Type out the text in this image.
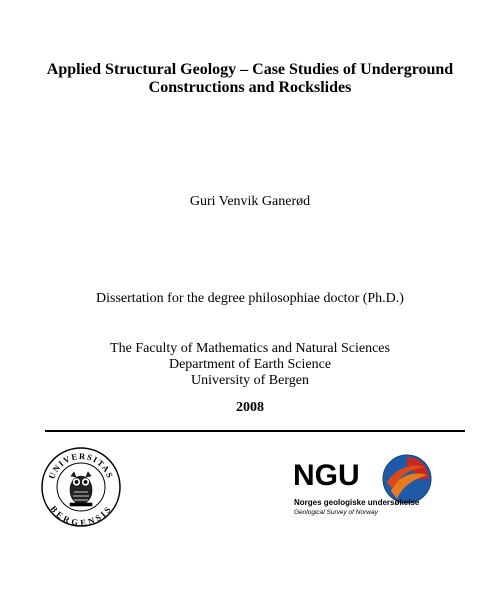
Applied Structural Geology – Case Studies of Underground
Constructions and Rockslides
Guri Venvik Ganerød
Dissertation for the degree philosophiae doctor (Ph.D.)
The Faculty of Mathematics and Natural Sciences
Department of Earth Science
University of Bergen
2008
UNIVERSITAS
BERGENSIS
NGU
Norges geologiske undersøkelse
Geological Survey of Norway
